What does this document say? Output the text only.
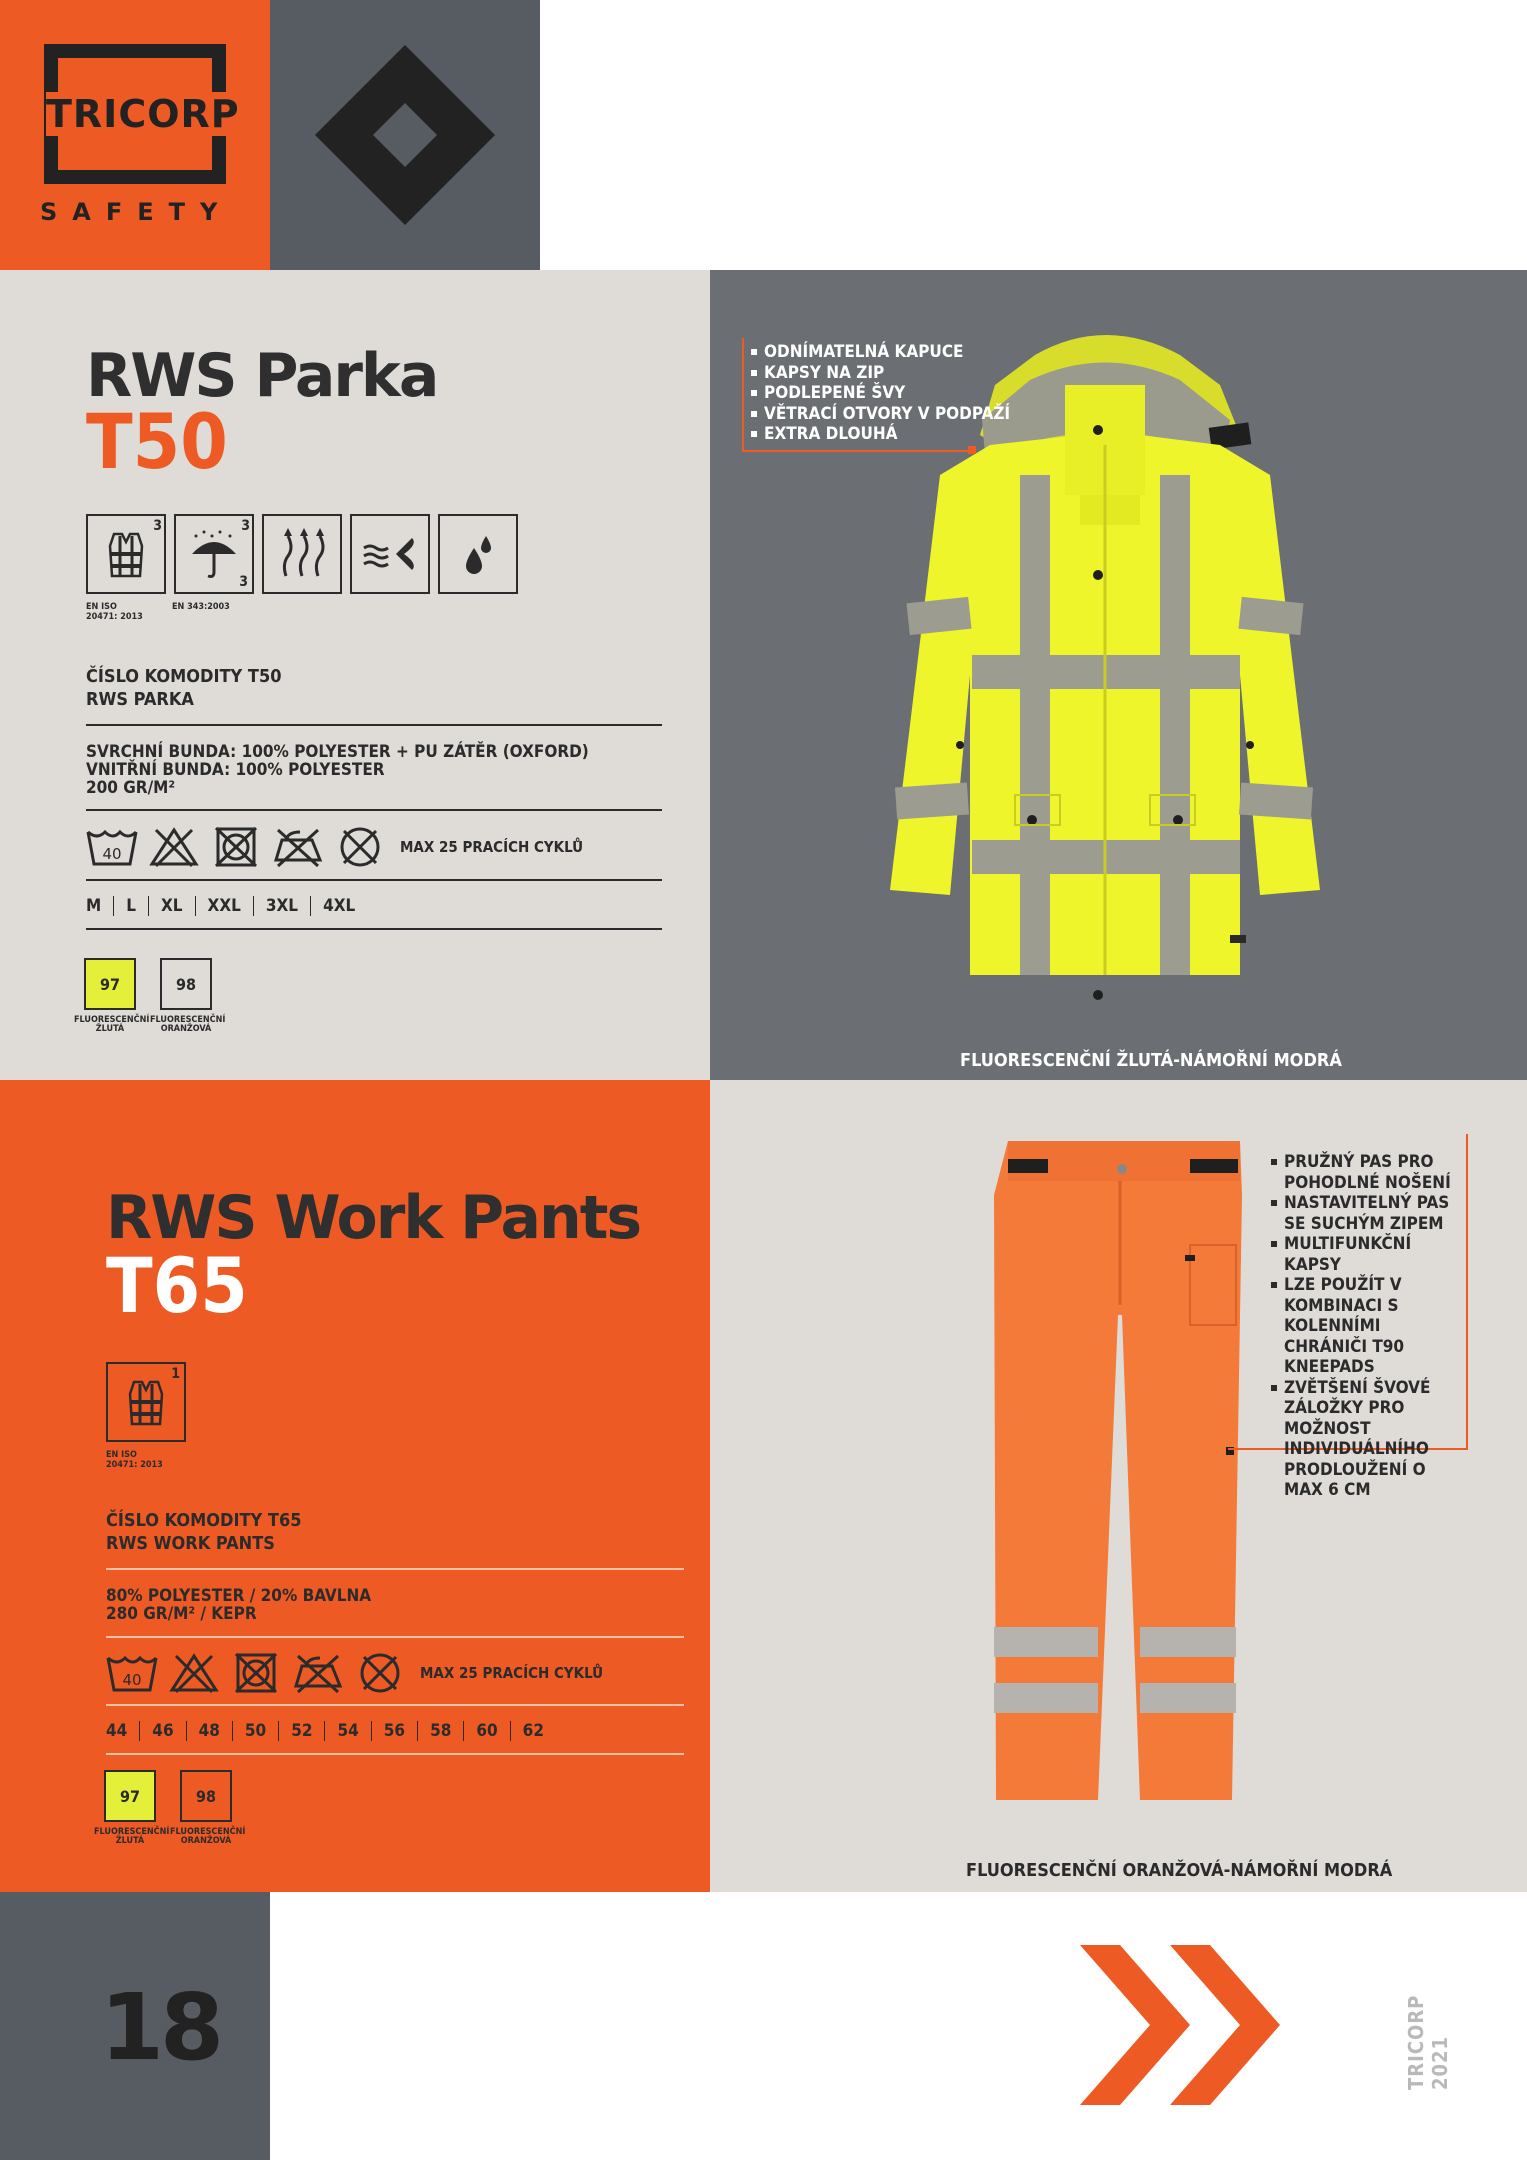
TRICORP
SAFETY
RWS Parka
T50
3	3
3
EN ISO 20471: 2013
EN 343:2003
ČÍSLO KOMODITY T50
RWS PARKA
SVRCHNÍ BUNDA: 100% POLYESTER + PU ZÁTĚR (OXFORD)
VNITŘNÍ BUNDA: 100% POLYESTER
200 GR/M²
40	MAX 25 PRACÍCH CYKLŮ
M	L	XL	XXL	3XL	4XL
97	98
FLUORESCENČNÍ
ŽLUTÁ
FLUORESCENČNÍ
ORANŽOVÁ
ODNÍMATELNÁ KAPUCE
KAPSY NA ZIP
PODLEPENÉ ŠVY
VĚTRACÍ OTVORY V PODPAŽÍ
EXTRA DLOUHÁ
FLUORESCENČNÍ ŽLUTÁ-NÁMOŘNÍ MODRÁ
RWS Work Pants
T65
1
EN ISO 20471: 2013
ČÍSLO KOMODITY T65
RWS WORK PANTS
80% POLYESTER / 20% BAVLNA
280 GR/M² / KEPR
40	MAX 25 PRACÍCH CYKLŮ
44	46	48	50	52	54	56	58	60	62
97	98
FLUORESCENČNÍ
ŽLUTÁ
FLUORESCENČNÍ
ORANŽOVÁ
PRUŽNÝ PAS PRO POHODLNÉ NOŠENÍ
NASTAVITELNÝ PAS SE SUCHÝM ZIPEM
MULTIFUNKČNÍ KAPSY
LZE POUŽÍT V KOMBINACI S KOLENNÍMI CHRÁNIČI T90 KNEEPADS
ZVĚTŠENÍ ŠVOVÉ ZÁLOŽKY PRO MOŽNOST INDIVIDUÁLNÍHO PRODLOUŽENÍ O MAX 6 CM
FLUORESCENČNÍ ORANŽOVÁ-NÁMOŘNÍ MODRÁ
18	TRICORP 2021
